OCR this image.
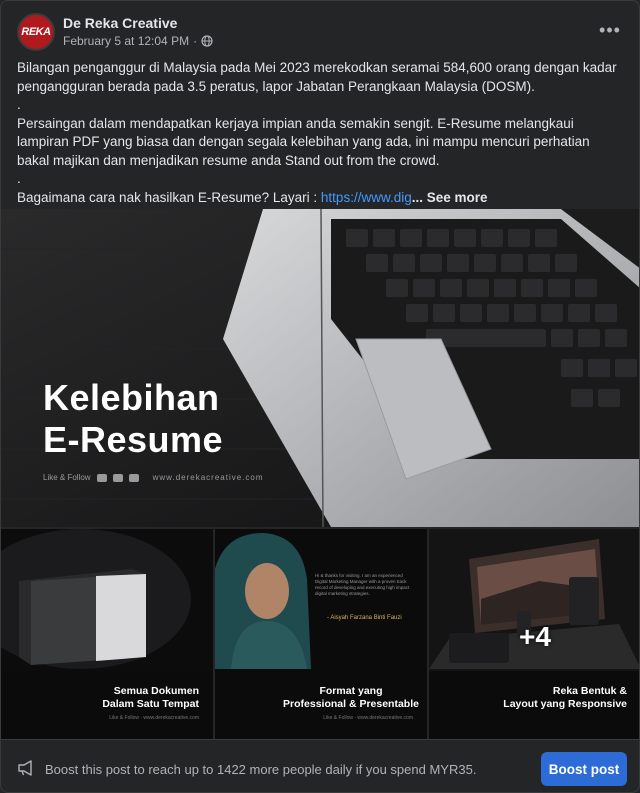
REKA
De Reka Creative
February 5 at 12:04 PM ·
•••

Bilangan penganggur di Malaysia pada Mei 2023 merekodkan seramai 584,600 orang dengan kadar pengangguran berada pada 3.5 peratus, lapor Jabatan Perangkaan Malaysia (DOSM).

.

Persaingan dalam mendapatkan kerjaya impian anda semakin sengit. E-Resume melangkaui lampiran PDF yang biasa dan dengan segala kelebihan yang ada, ini mampu mencuri perhatian bakal majikan dan menjadikan resume anda Stand out from the crowd.

.

Bagaimana cara nak hasilkan E-Resume? Layari : https://www.dig... See more

Kelebihan
E-Resume
Like & Follow	www.derekacreative.com
Semua Dokumen
Dalam Satu Tempat
Like & Follow · www.derekacreative.com
Hi & thanks for visiting. I am an experienced Digital Marketing Manager with a proven track record of developing and executing high impact digital marketing strategies.
- Aisyah Farzana Binti Fauzi
Format yang
Professional & Presentable
Like & Follow · www.derekacreative.com
+4
Reka Bentuk &
Layout yang Responsive
Boost this post to reach up to 1422 more people daily if you spend MYR35.	Boost post
